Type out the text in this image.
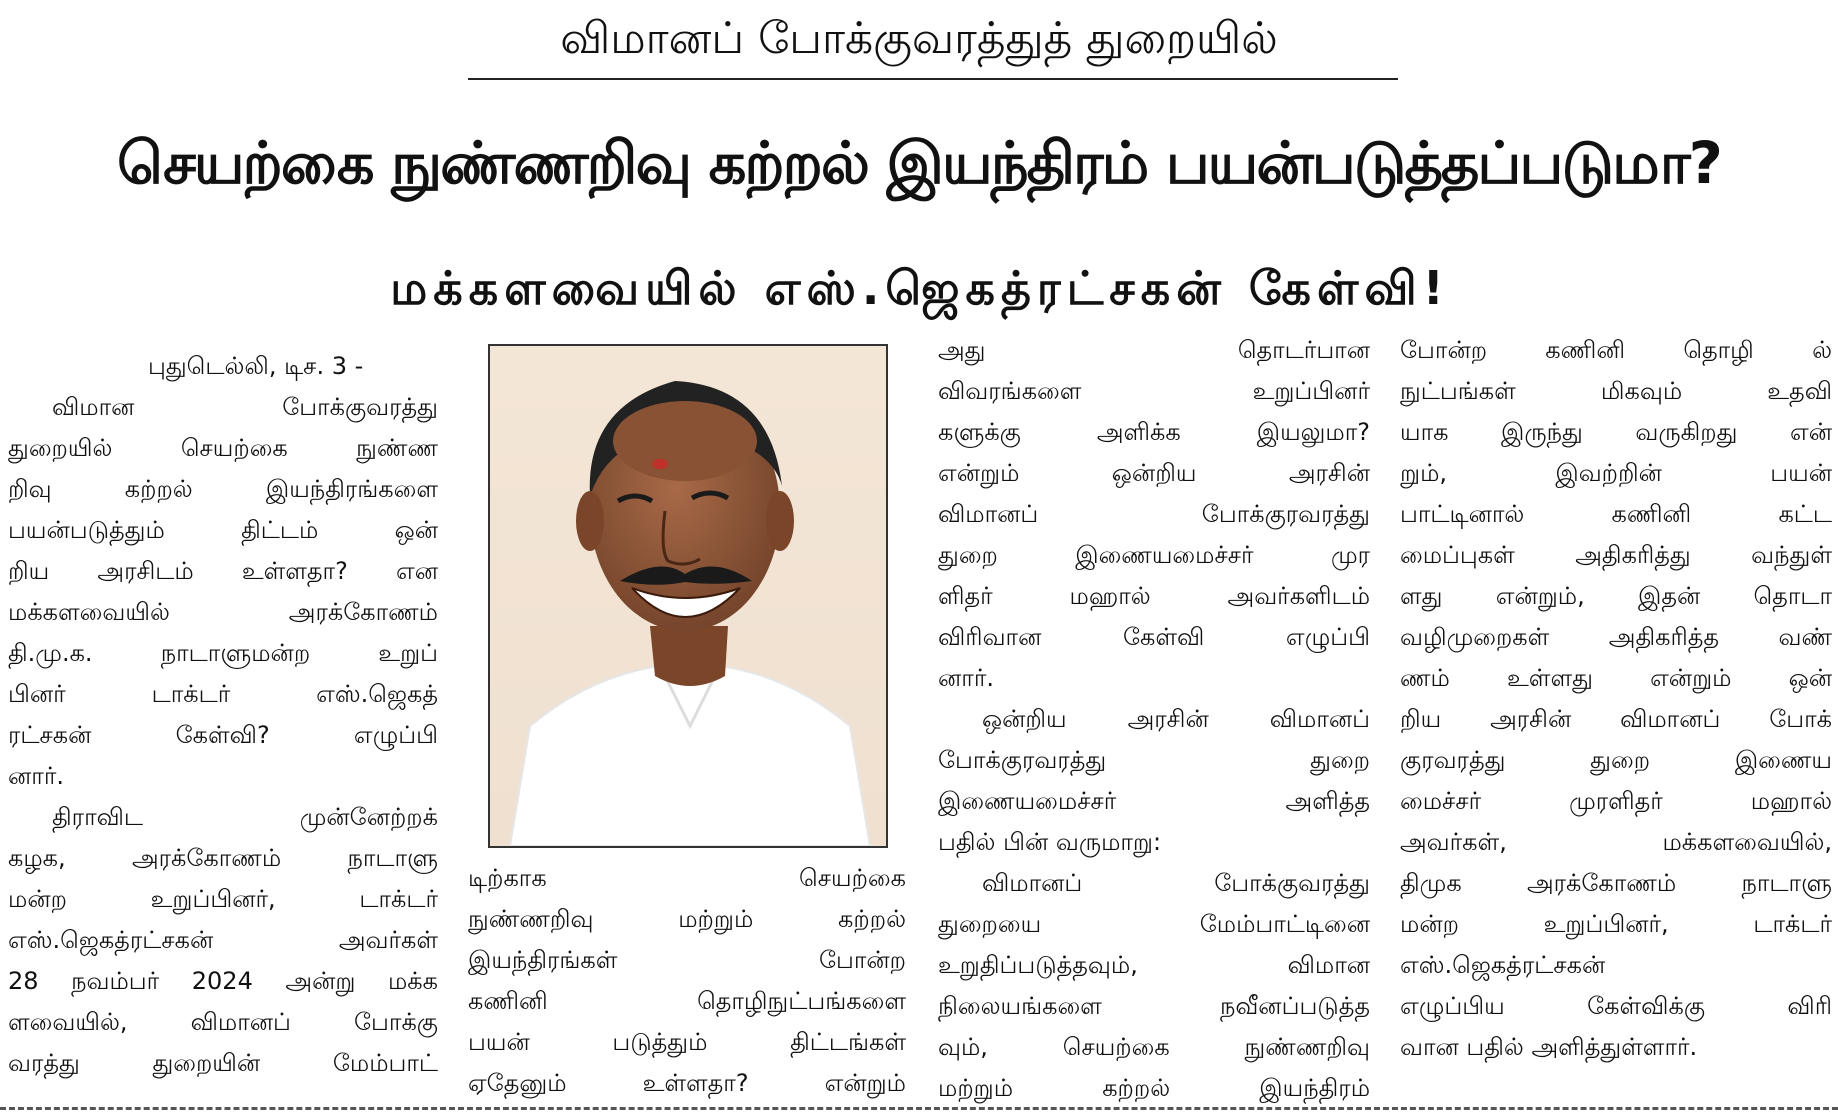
விமானப் போக்குவரத்துத் துறையில்
செயற்கை நுண்ணறிவு கற்றல் இயந்திரம் பயன்படுத்தப்படுமா?
மக்களவையில் எஸ்.ஜெகத்ரட்சகன் கேள்வி!
புதுடெல்லி, டிச. 3 -
விமான போக்குவரத்து
துறையில் செயற்கை நுண்ண
றிவு கற்றல் இயந்திரங்களை
பயன்படுத்தும் திட்டம் ஒன்
றிய அரசிடம் உள்ளதா? என
மக்களவையில் அரக்கோணம்
தி.மு.க. நாடாளுமன்ற உறுப்
பினர் டாக்டர் எஸ்.ஜெகத்
ரட்சகன் கேள்வி? எழுப்பி
னார்.
திராவிட முன்னேற்றக்
கழக, அரக்கோணம் நாடாளு
மன்ற உறுப்பினர், டாக்டர்
எஸ்.ஜெகத்ரட்சகன் அவர்கள்
28 நவம்பர் 2024 அன்று மக்க
ளவையில், விமானப் போக்கு
வரத்து துறையின் மேம்பாட்
டிற்காக செயற்கை
நுண்ணறிவு மற்றும் கற்றல்
இயந்திரங்கள் போன்ற
கணினி தொழிநுட்பங்களை
பயன் படுத்தும் திட்டங்கள்
ஏதேனும் உள்ளதா? என்றும்
அது தொடர்பான
விவரங்களை உறுப்பினர்
களுக்கு அளிக்க இயலுமா?
என்றும் ஒன்றிய அரசின்
விமானப் போக்குரவரத்து
துறை இணையமைச்சர் முர
ளிதர் மஹால் அவர்களிடம்
விரிவான கேள்வி எழுப்பி
னார்.
ஒன்றிய அரசின் விமானப்
போக்குரவரத்து துறை
இணையமைச்சர் அளித்த
பதில் பின் வருமாறு:
விமானப் போக்குவரத்து
துறையை மேம்பாட்டினை
உறுதிப்படுத்தவும், விமான
நிலையங்களை நவீனப்படுத்த
வும், செயற்கை நுண்ணறிவு
மற்றும் கற்றல் இயந்திரம்
போன்ற கணினி தொழி ல்
நுட்பங்கள் மிகவும் உதவி
யாக இருந்து வருகிறது என்
றும், இவற்றின் பயன்
பாட்டினால் கணினி கட்ட
மைப்புகள் அதிகரித்து வந்துள்
ளது என்றும், இதன் தொடா
வழிமுறைகள் அதிகரித்த வண்
ணம் உள்ளது என்றும் ஒன்
றிய அரசின் விமானப் போக்
குரவரத்து துறை இணைய
மைச்சர் முரளிதர் மஹால்
அவர்கள், மக்களவையில்,
திமுக அரக்கோணம் நாடாளு
மன்ற உறுப்பினர், டாக்டர்
எஸ்.ஜெகத்ரட்சகன்
எழுப்பிய கேள்விக்கு விரி
வான பதில் அளித்துள்ளார்.
